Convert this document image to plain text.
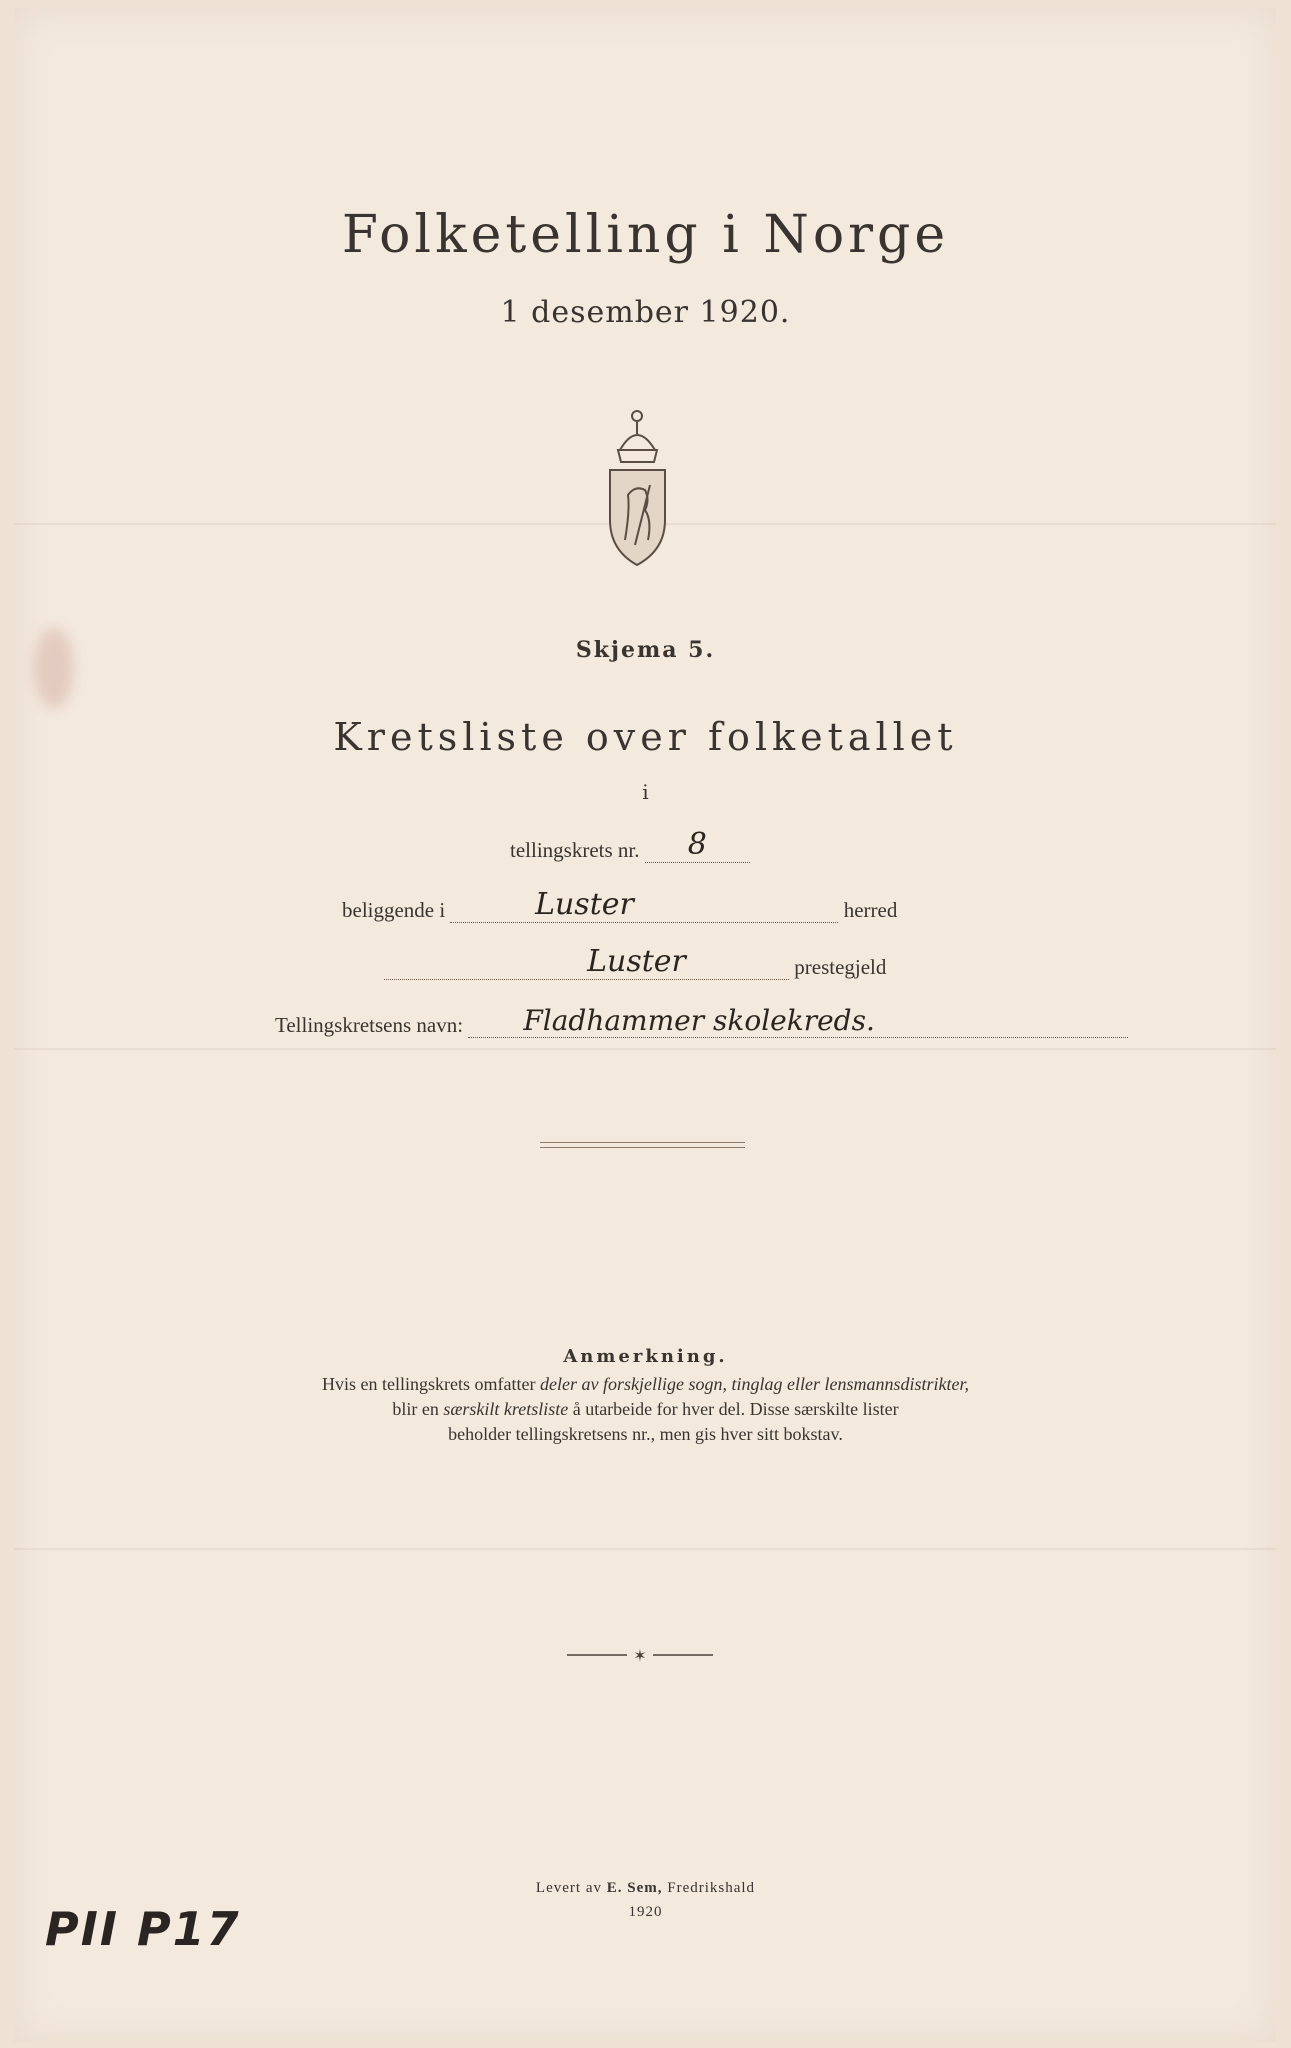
Folketelling i Norge
1 desember 1920.
Skjema 5.
Kretsliste over folketallet
i
tellingskrets nr.	8
beliggende i	Luster	herred
Luster	prestegjeld
Tellingskretsens navn:	Fladhammer skolekreds.
Anmerkning.
Hvis en tellingskrets omfatter deler av forskjellige sogn, tinglag eller lensmannsdistrikter,
blir en særskilt kretsliste å utarbeide for hver del. Disse særskilte lister
beholder tellingskretsens nr., men gis hver sitt bokstav.
✶
Levert av E. Sem, Fredrikshald
1920
PII P17
